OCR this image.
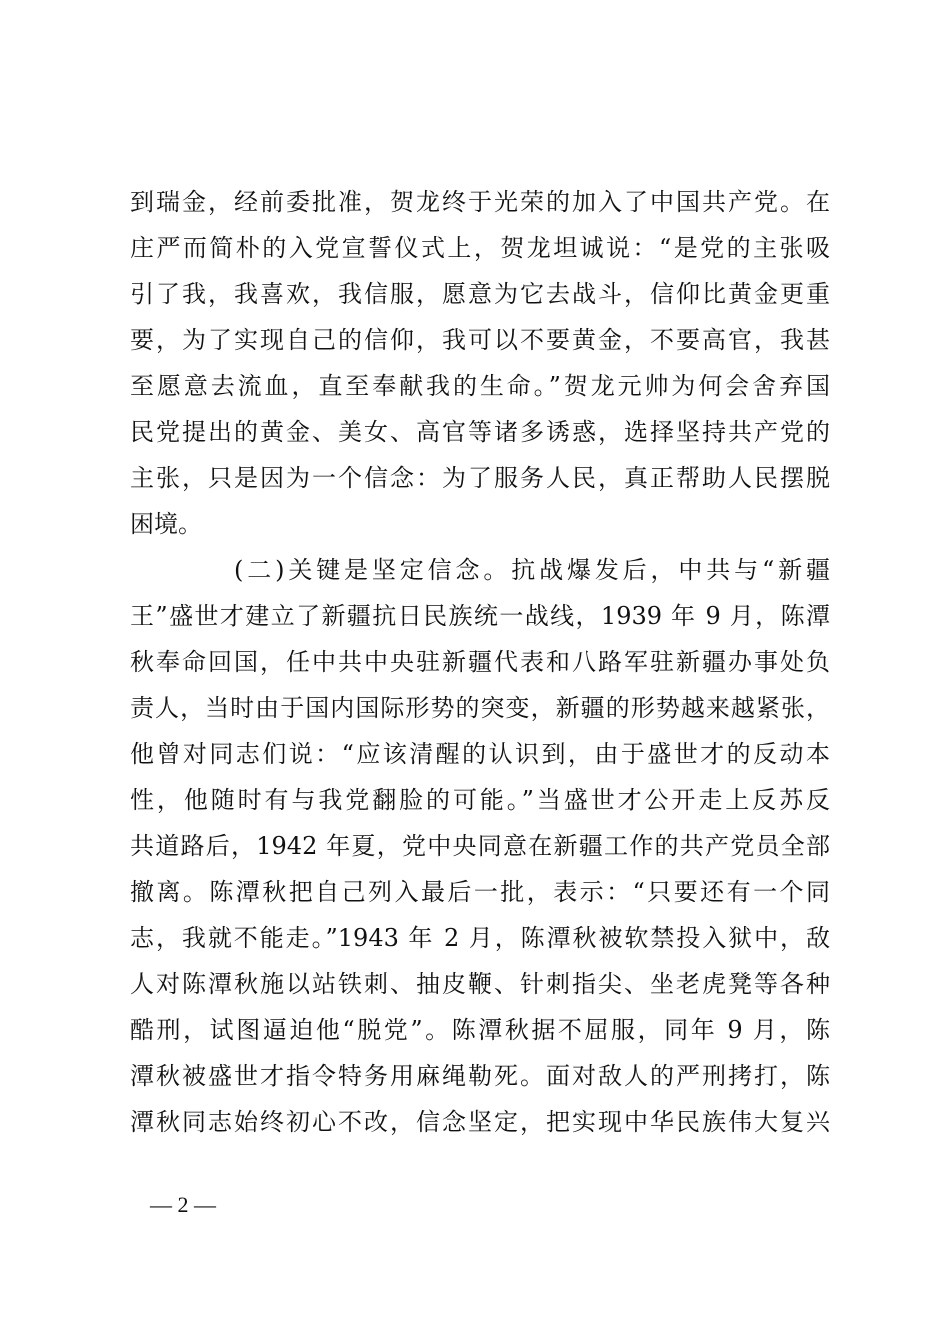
到瑞金，经前委批准，贺龙终于光荣的加入了中国共产党。在
庄严而简朴的入党宣誓仪式上，贺龙坦诚说：“是党的主张吸
引了我，我喜欢，我信服，愿意为它去战斗，信仰比黄金更重
要，为了实现自己的信仰，我可以不要黄金，不要高官，我甚
至愿意去流血，直至奉献我的生命。”贺龙元帅为何会舍弃国
民党提出的黄金、美女、高官等诸多诱惑，选择坚持共产党的
主张，只是因为一个信念：为了服务人民，真正帮助人民摆脱
困境。
(二)关键是坚定信念。抗战爆发后，中共与“新疆
王”盛世才建立了新疆抗日民族统一战线，1939 年 9 月，陈潭
秋奉命回国，任中共中央驻新疆代表和八路军驻新疆办事处负
责人，当时由于国内国际形势的突变，新疆的形势越来越紧张，
他曾对同志们说：“应该清醒的认识到，由于盛世才的反动本
性，他随时有与我党翻脸的可能。”当盛世才公开走上反苏反
共道路后，1942 年夏，党中央同意在新疆工作的共产党员全部
撤离。陈潭秋把自己列入最后一批，表示：“只要还有一个同
志，我就不能走。”1943 年 2 月，陈潭秋被软禁投入狱中，敌
人对陈潭秋施以站铁刺、抽皮鞭、针刺指尖、坐老虎凳等各种
酷刑，试图逼迫他“脱党”。陈潭秋据不屈服，同年 9 月，陈
潭秋被盛世才指令特务用麻绳勒死。面对敌人的严刑拷打，陈
潭秋同志始终初心不改，信念坚定，把实现中华民族伟大复兴
— 2 —
